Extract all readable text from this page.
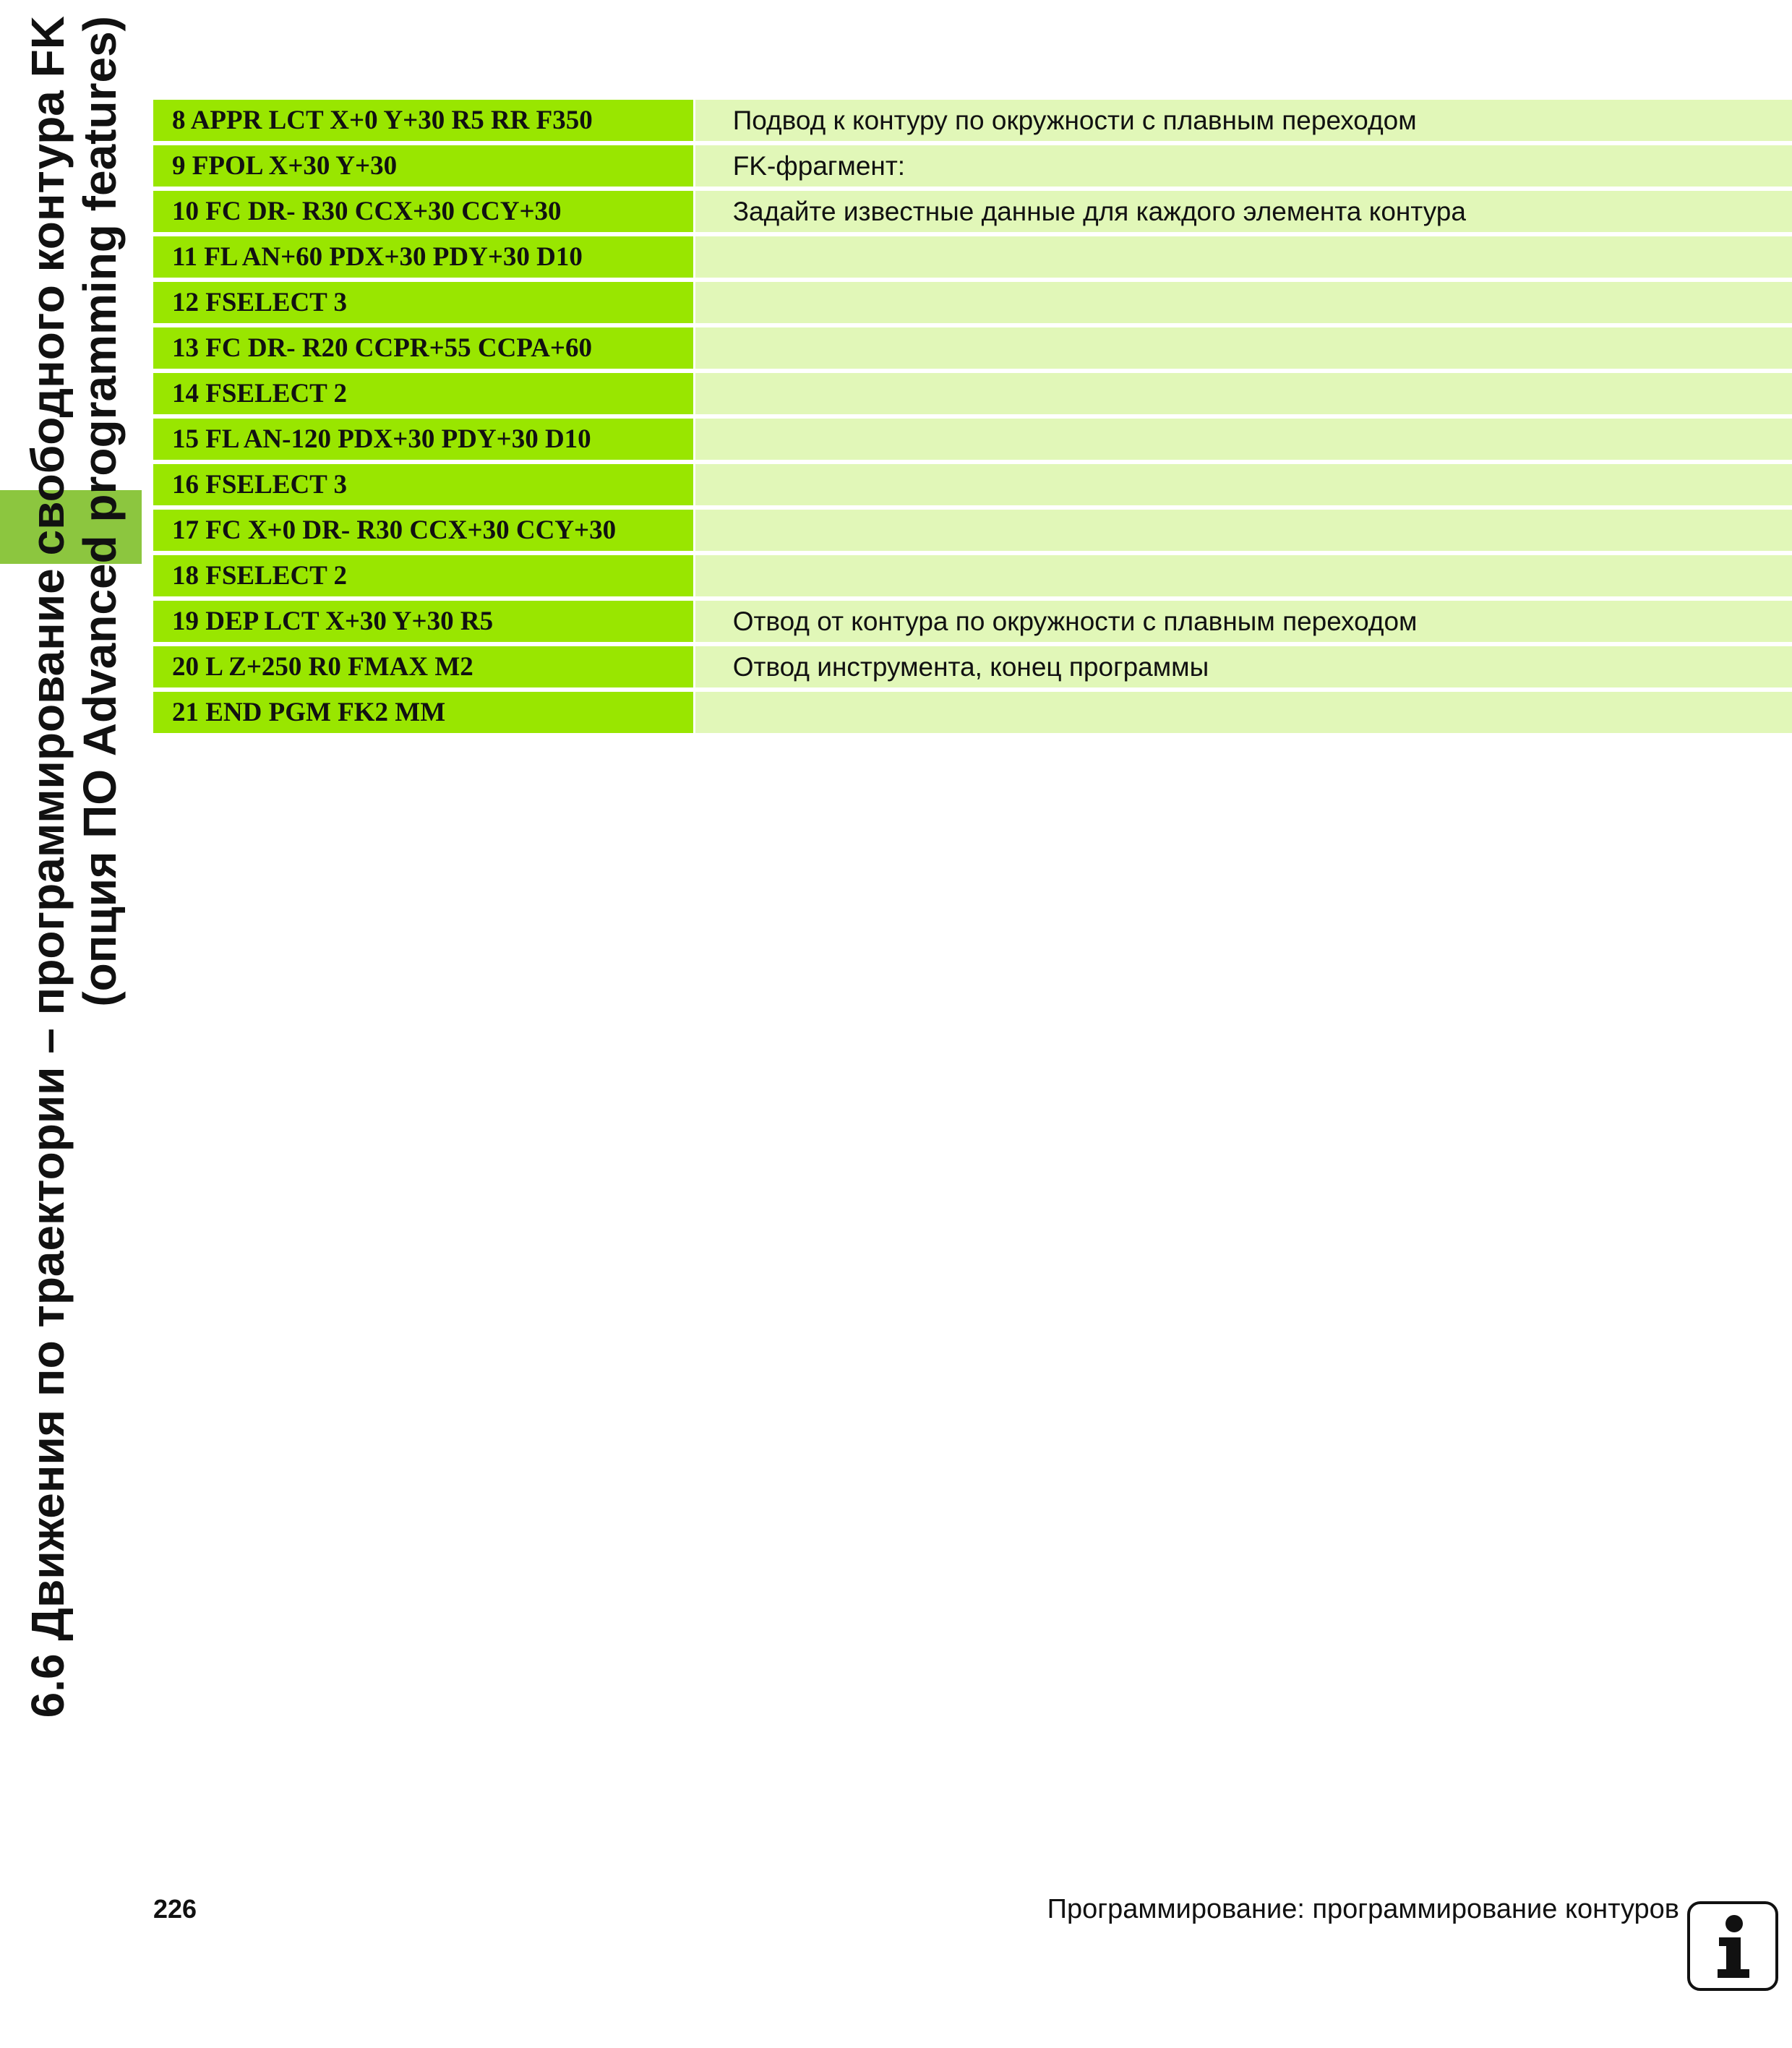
6.6 Движения по траектории – программирование свободного контура FK (опция ПО Advanced programming features) 8 APPR LCT X+0 Y+30 R5 RR F350		Подвод к контуру по окружности с плавным переходом
9 FPOL X+30 Y+30		FK-фрагмент:
10 FC DR- R30 CCX+30 CCY+30		Задайте известные данные для каждого элемента контура
11 FL AN+60 PDX+30 PDY+30 D10		
12 FSELECT 3		
13 FC DR- R20 CCPR+55 CCPA+60		
14 FSELECT 2		
15 FL AN-120 PDX+30 PDY+30 D10		
16 FSELECT 3		
17 FC X+0 DR- R30 CCX+30 CCY+30		
18 FSELECT 2		
19 DEP LCT X+30 Y+30 R5		Отвод от контура по окружности с плавным переходом
20 L Z+250 R0 FMAX M2		Отвод инструмента, конец программы
21 END PGM FK2 MM		
226	Программирование: программирование контуров
